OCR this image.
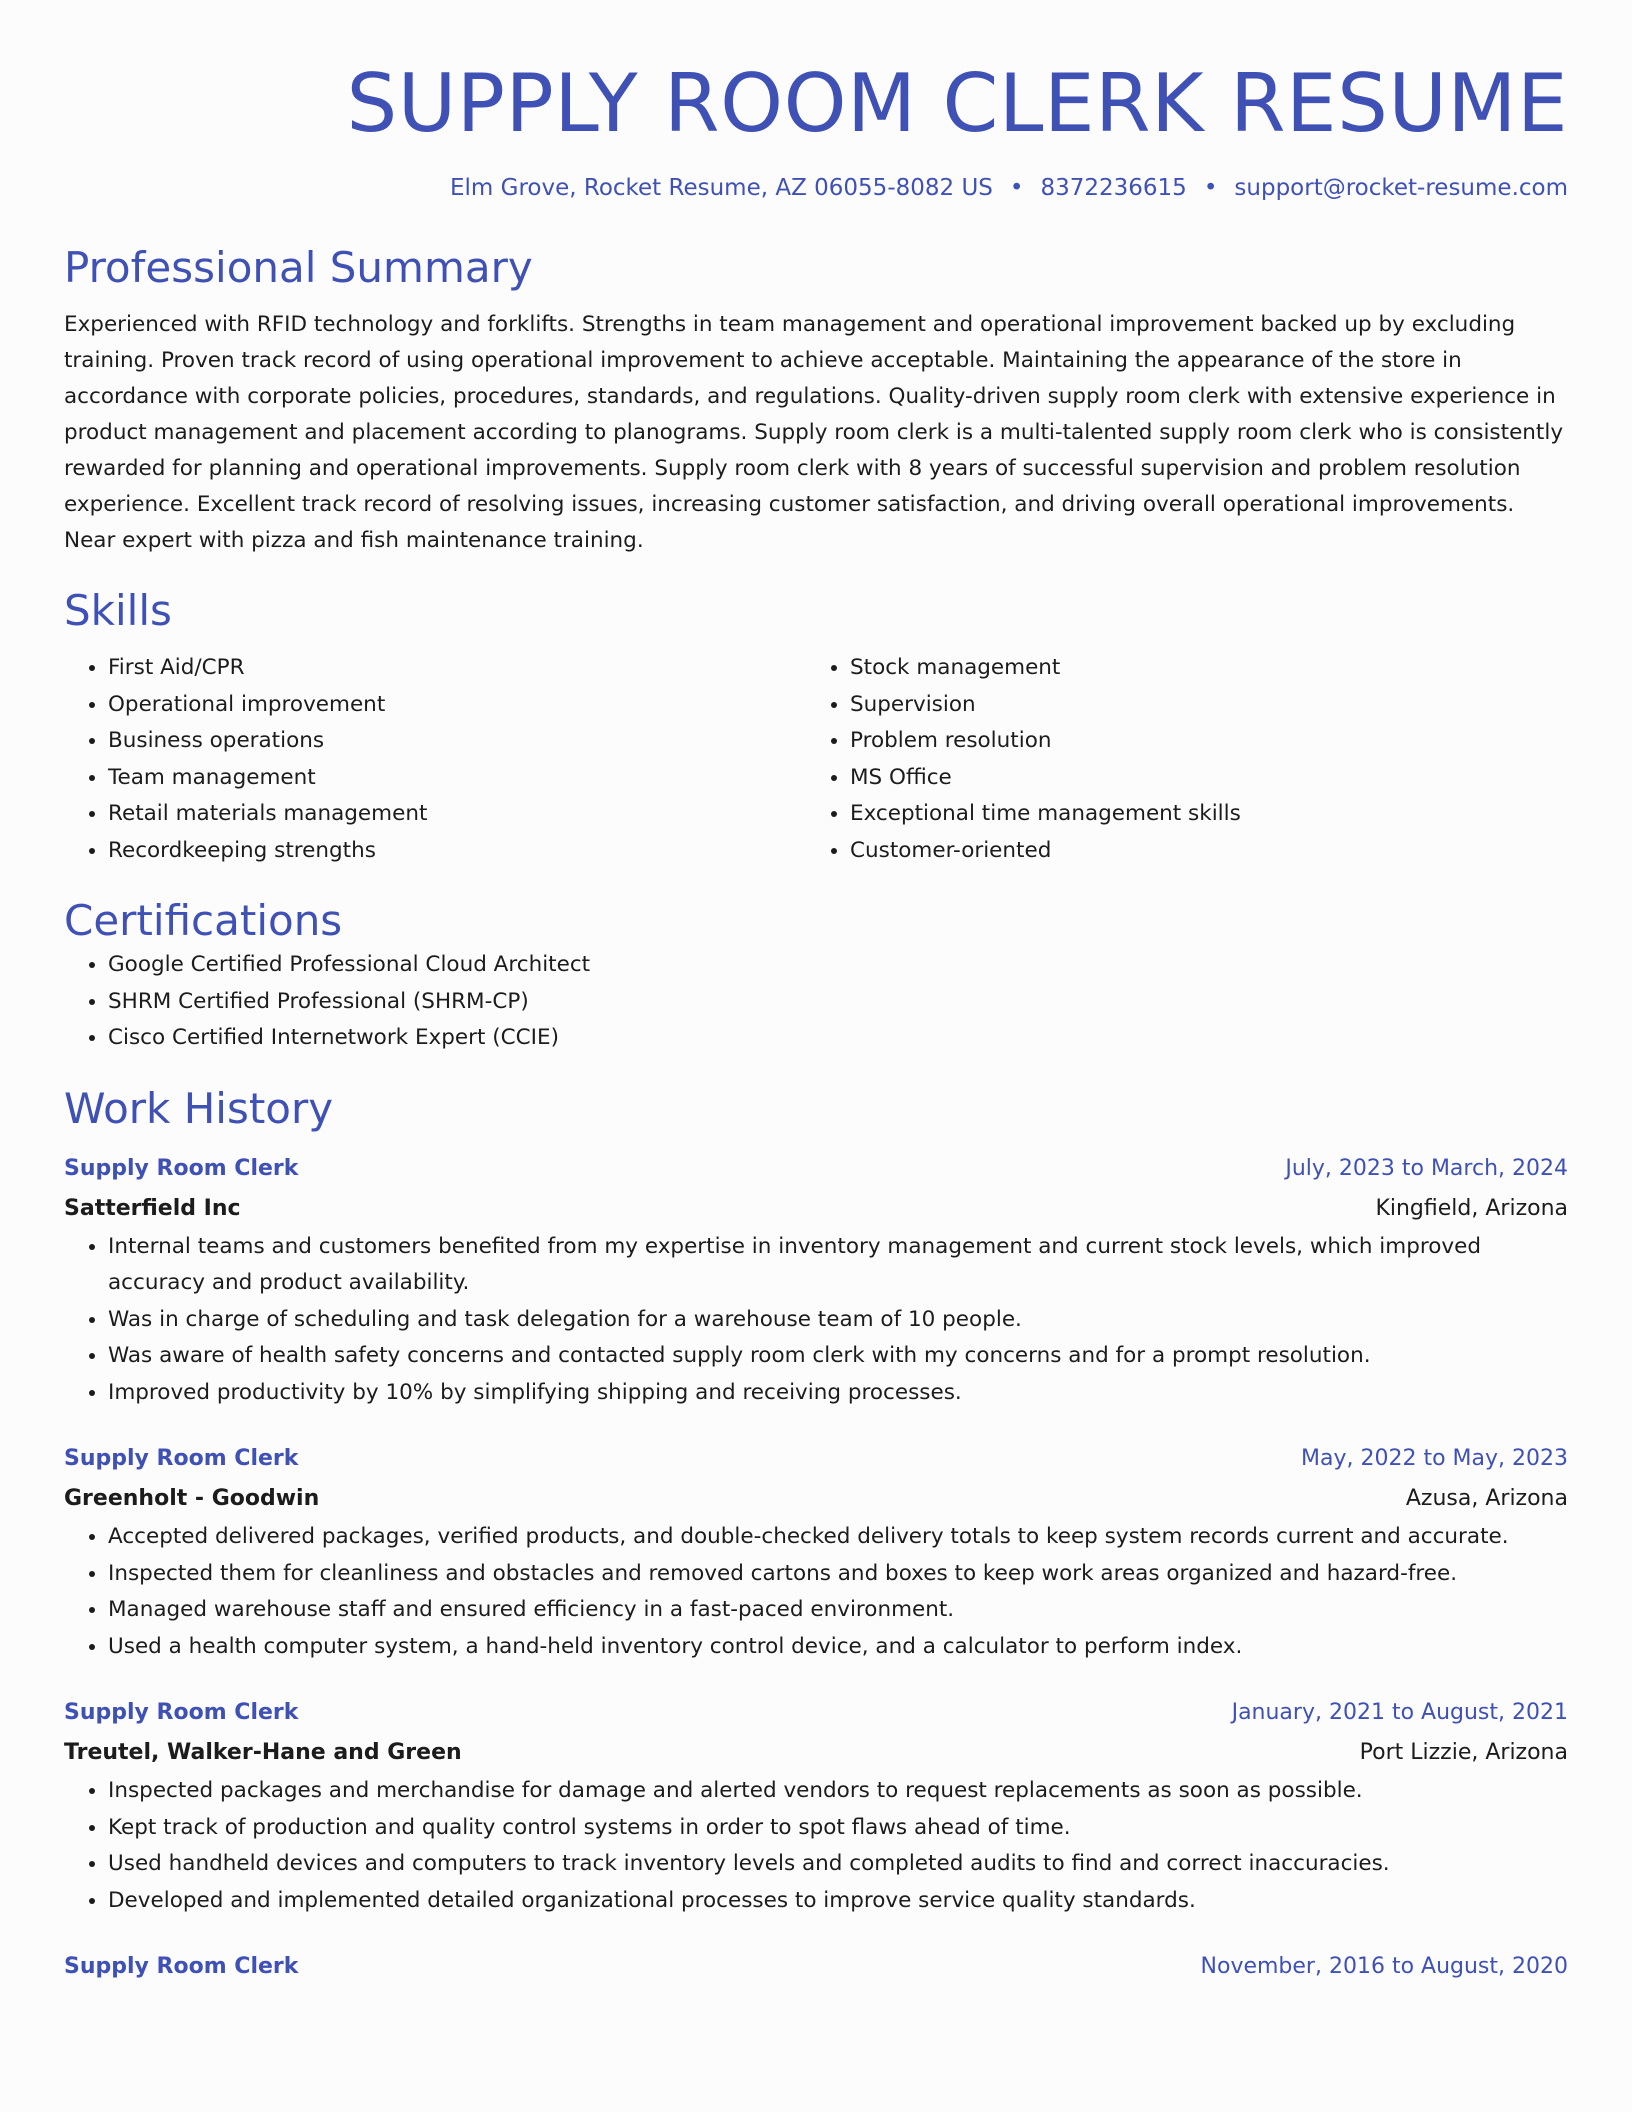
SUPPLY ROOM CLERK RESUME
Elm Grove, Rocket Resume, AZ 06055-8082 US • 8372236615 • support@rocket-resume.com
Professional Summary
Experienced with RFID technology and forklifts. Strengths in team management and operational improvement backed up by excluding training. Proven track record of using operational improvement to achieve acceptable. Maintaining the appearance of the store in accordance with corporate policies, procedures, standards, and regulations. Quality-driven supply room clerk with extensive experience in product management and placement according to planograms. Supply room clerk is a multi-talented supply room clerk who is consistently rewarded for planning and operational improvements. Supply room clerk with 8 years of successful supervision and problem resolution experience. Excellent track record of resolving issues, increasing customer satisfaction, and driving overall operational improvements. Near expert with pizza and fish maintenance training.
Skills
• First Aid/CPR
• Operational improvement
• Business operations
• Team management
• Retail materials management
• Recordkeeping strengths
• Stock management
• Supervision
• Problem resolution
• MS Office
• Exceptional time management skills
• Customer-oriented
Certifications
• Google Certified Professional Cloud Architect
• SHRM Certified Professional (SHRM-CP)
• Cisco Certified Internetwork Expert (CCIE)
Work History
Supply Room Clerk	July, 2023 to March, 2024
Satterfield Inc	Kingfield, Arizona
• Internal teams and customers benefited from my expertise in inventory management and current stock levels, which improved accuracy and product availability.
• Was in charge of scheduling and task delegation for a warehouse team of 10 people.
• Was aware of health safety concerns and contacted supply room clerk with my concerns and for a prompt resolution.
• Improved productivity by 10% by simplifying shipping and receiving processes.
Supply Room Clerk	May, 2022 to May, 2023
Greenholt - Goodwin	Azusa, Arizona
• Accepted delivered packages, verified products, and double-checked delivery totals to keep system records current and accurate.
• Inspected them for cleanliness and obstacles and removed cartons and boxes to keep work areas organized and hazard-free.
• Managed warehouse staff and ensured efficiency in a fast-paced environment.
• Used a health computer system, a hand-held inventory control device, and a calculator to perform index.
Supply Room Clerk	January, 2021 to August, 2021
Treutel, Walker-Hane and Green	Port Lizzie, Arizona
• Inspected packages and merchandise for damage and alerted vendors to request replacements as soon as possible.
• Kept track of production and quality control systems in order to spot flaws ahead of time.
• Used handheld devices and computers to track inventory levels and completed audits to find and correct inaccuracies.
• Developed and implemented detailed organizational processes to improve service quality standards.
Supply Room Clerk	November, 2016 to August, 2020
